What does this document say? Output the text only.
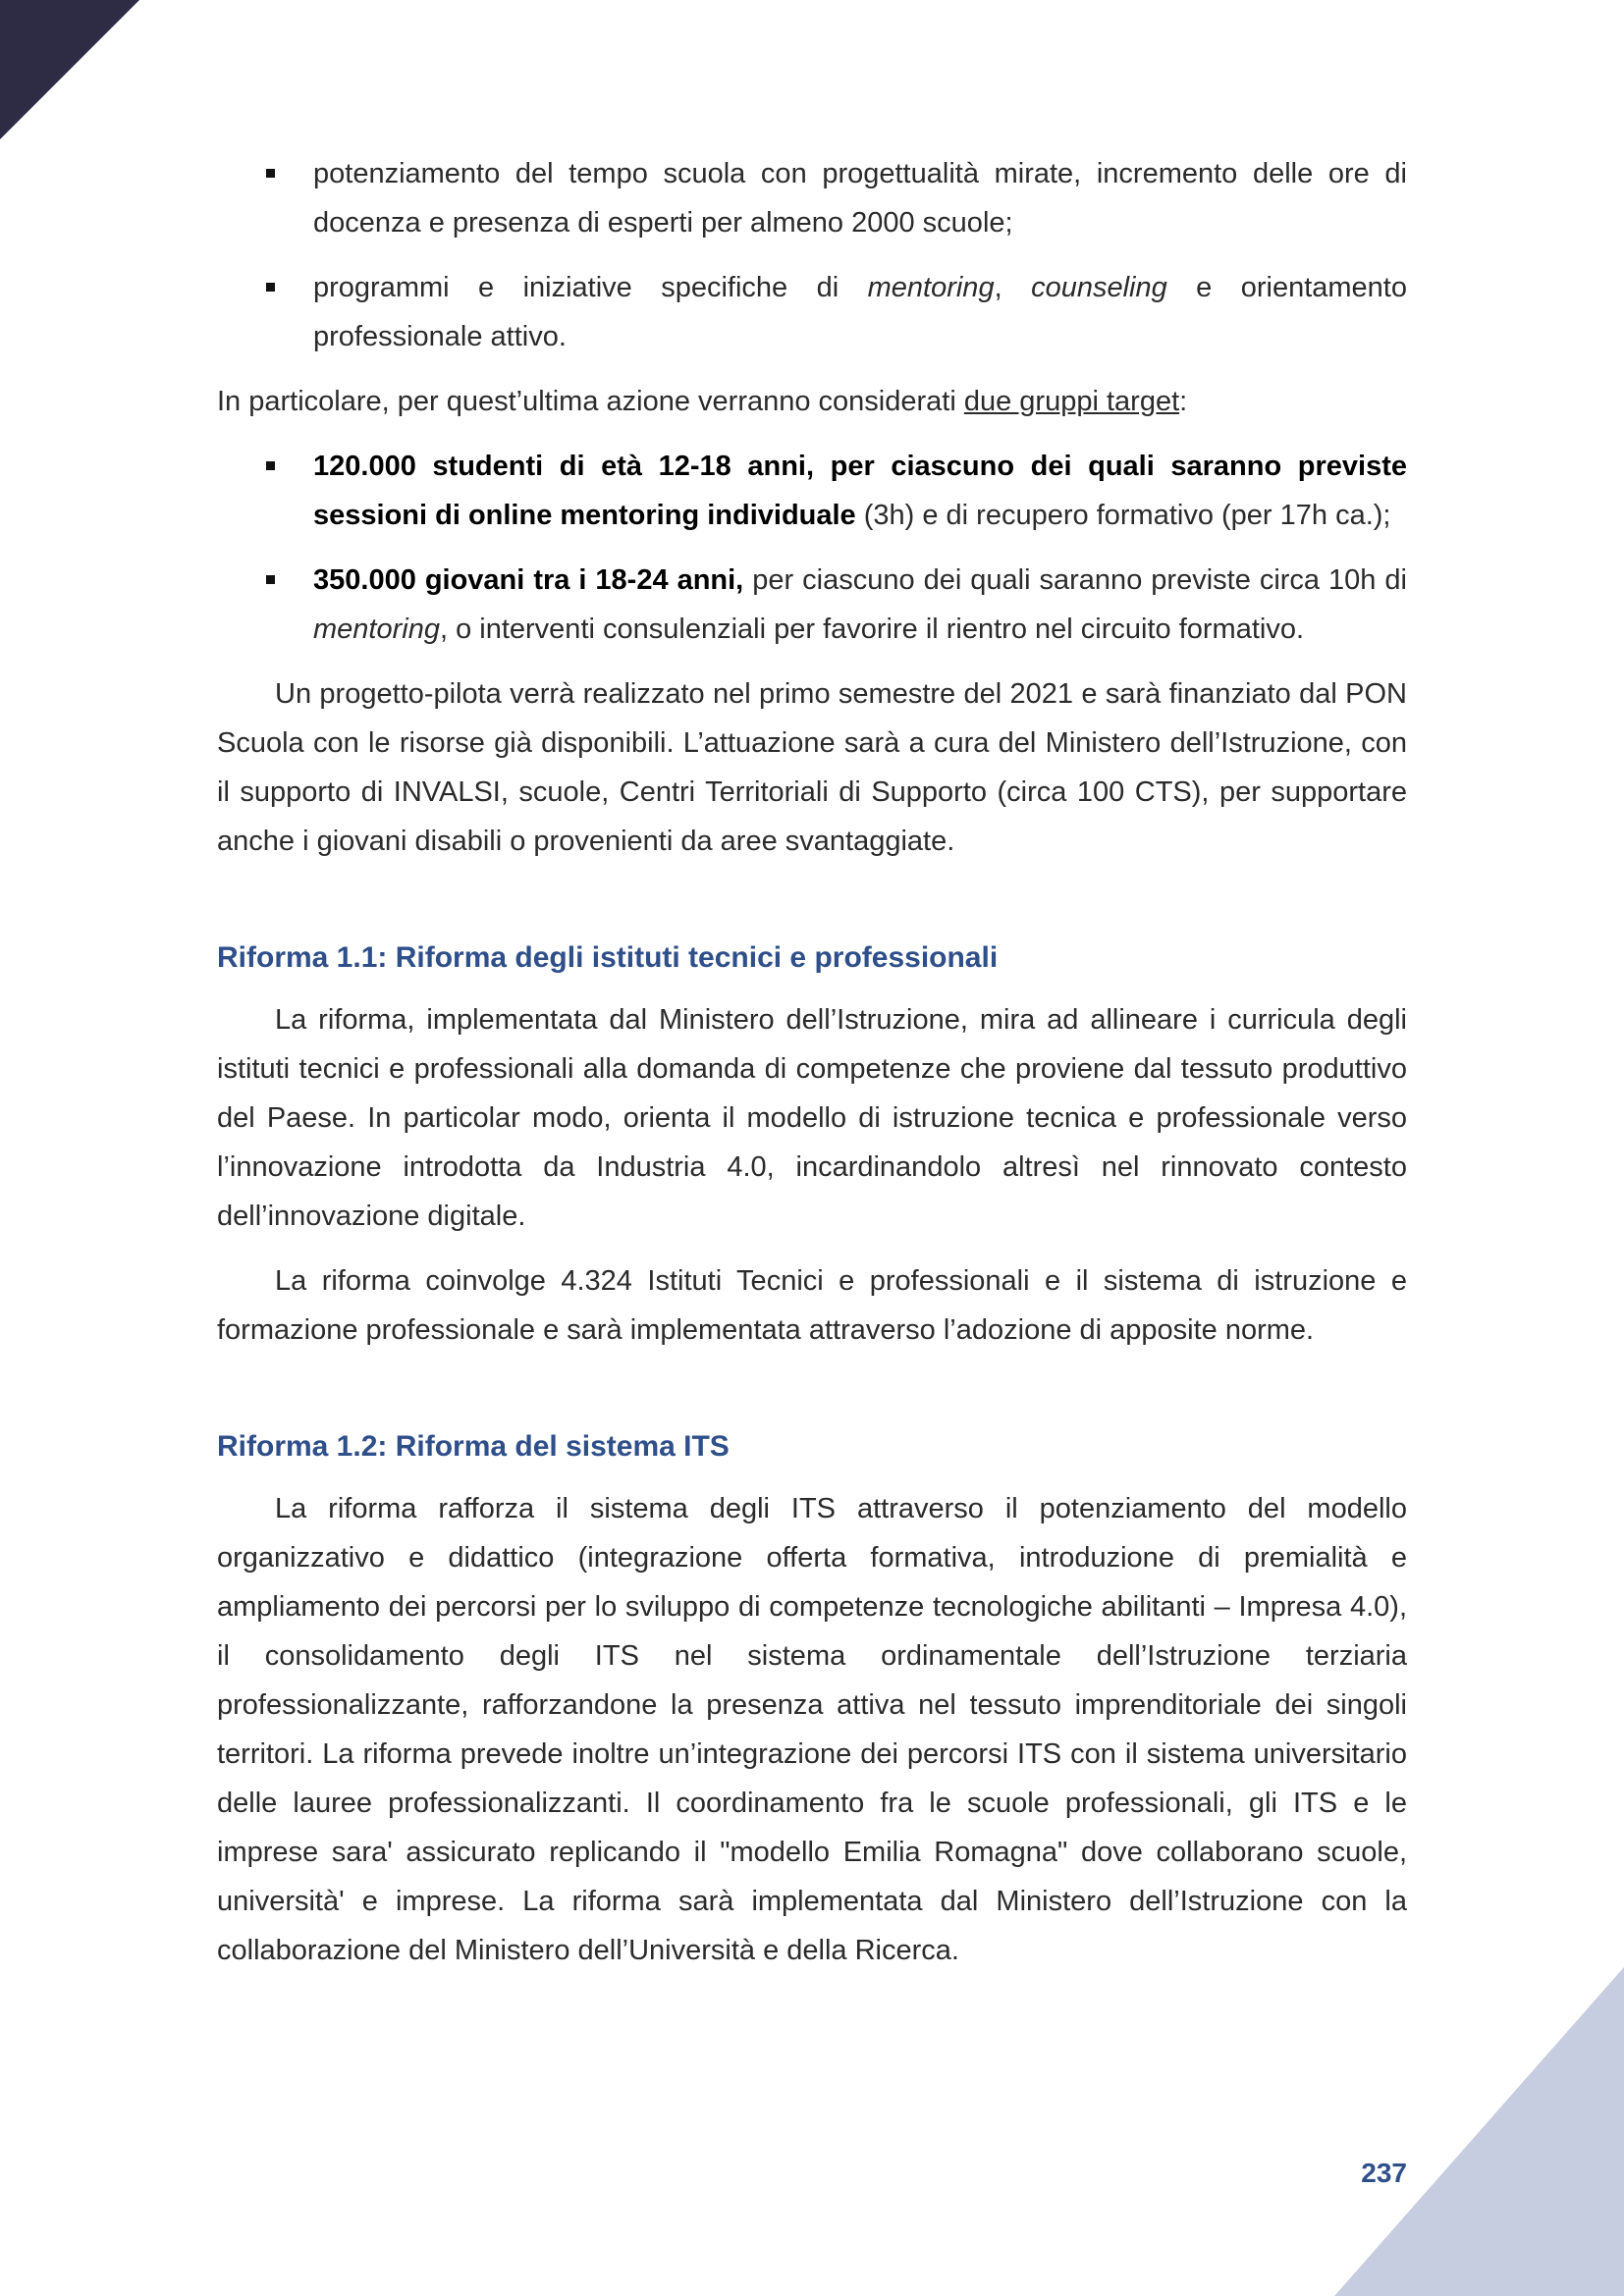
potenziamento del tempo scuola con progettualità mirate, incremento delle ore di docenza e presenza di esperti per almeno 2000 scuole;
programmi e iniziative specifiche di mentoring, counseling e orientamento professionale attivo.

In particolare, per quest’ultima azione verranno considerati due gruppi target:

120.000 studenti di età 12-18 anni, per ciascuno dei quali saranno previste sessioni di online mentoring individuale (3h) e di recupero formativo (per 17h ca.);
350.000 giovani tra i 18-24 anni, per ciascuno dei quali saranno previste circa 10h di mentoring, o interventi consulenziali per favorire il rientro nel circuito formativo.

Un progetto-pilota verrà realizzato nel primo semestre del 2021 e sarà finanziato dal PON Scuola con le risorse già disponibili. L’attuazione sarà a cura del Ministero dell’Istruzione, con il supporto di INVALSI, scuole, Centri Territoriali di Supporto (circa 100 CTS), per supportare anche i giovani disabili o provenienti da aree svantaggiate.

Riforma 1.1: Riforma degli istituti tecnici e professionali

La riforma, implementata dal Ministero dell’Istruzione, mira ad allineare i curricula degli istituti tecnici e professionali alla domanda di competenze che proviene dal tessuto produttivo del Paese. In particolar modo, orienta il modello di istruzione tecnica e professionale verso l’innovazione introdotta da Industria 4.0, incardinandolo altresì nel rinnovato contesto dell’innovazione digitale.

La riforma coinvolge 4.324 Istituti Tecnici e professionali e il sistema di istruzione e formazione professionale e sarà implementata attraverso l’adozione di apposite norme.

Riforma 1.2: Riforma del sistema ITS

La riforma rafforza il sistema degli ITS attraverso il potenziamento del modello organizzativo e didattico (integrazione offerta formativa, introduzione di premialità e ampliamento dei percorsi per lo sviluppo di competenze tecnologiche abilitanti – Impresa 4.0), il consolidamento degli ITS nel sistema ordinamentale dell’Istruzione terziaria professionalizzante, rafforzandone la presenza attiva nel tessuto imprenditoriale dei singoli territori. La riforma prevede inoltre un’integrazione dei percorsi ITS con il sistema universitario delle lauree professionalizzanti. Il coordinamento fra le scuole professionali, gli ITS e le imprese sara' assicurato replicando il "modello Emilia Romagna" dove collaborano scuole, università' e imprese. La riforma sarà implementata dal Ministero dell’Istruzione con la collaborazione del Ministero dell’Università e della Ricerca.

237
